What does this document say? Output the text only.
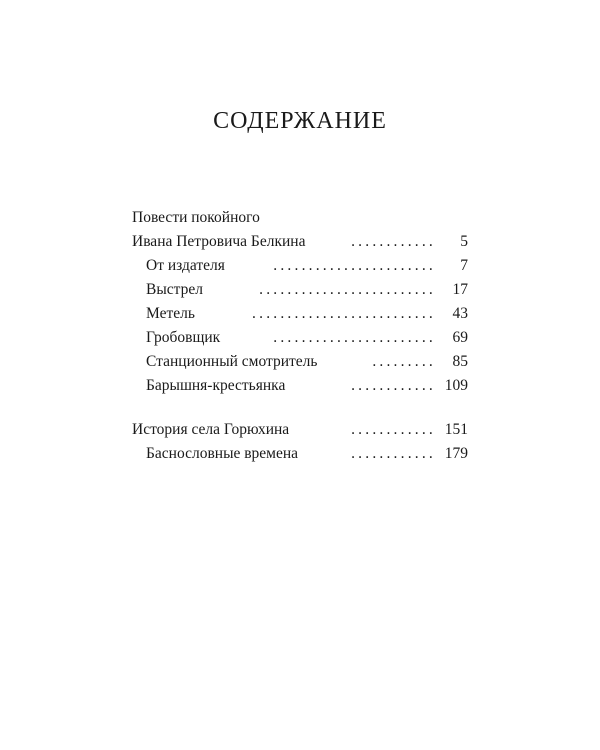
СОДЕРЖАНИЕ
Повести покойного
Ивана Петровича Белкина	............ 5
От издателя	....................... 7
Выстрел	......................... 17
Метель	.......................... 43
Гробовщик	....................... 69
Станционный смотритель	......... 85
Барышня-крестьянка	............ 109
История села Горюхина	............ 151
Баснословные времена	............ 179
